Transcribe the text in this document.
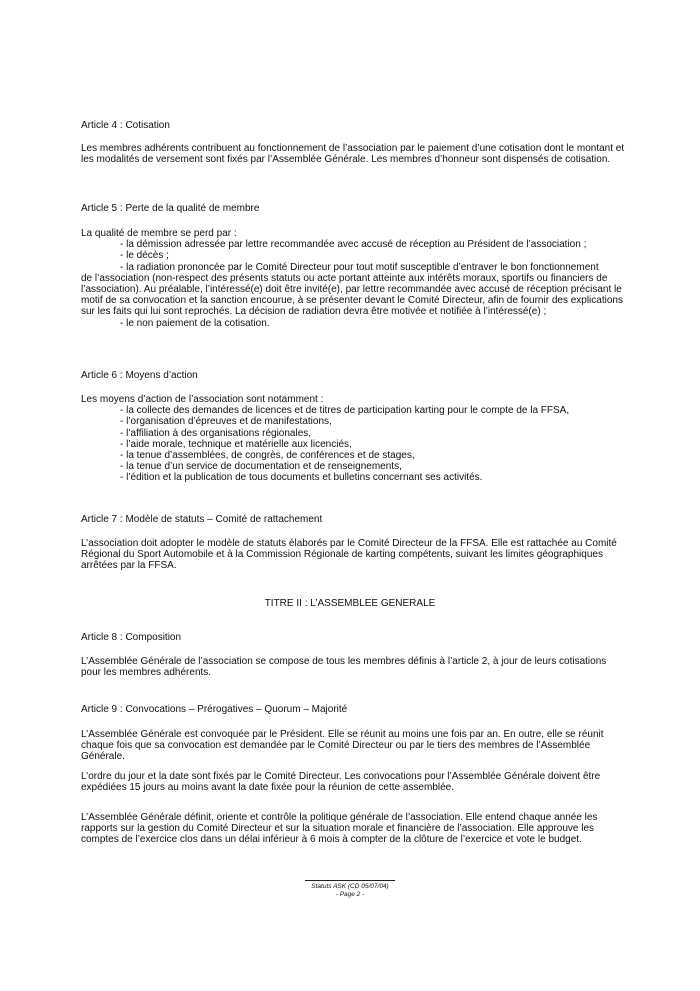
Article 4 : Cotisation

Les membres adhérents contribuent au fonctionnement de l’association par le paiement d’une cotisation dont le montant et les modalités de versement sont fixés par l’Assemblée Générale. Les membres d’honneur sont dispensés de cotisation.

Article 5 : Perte de la qualité de membre
La qualité de membre se perd par :
- la démission adressée par lettre recommandée avec accusé de réception au Président de l’association ;
- le décès ;
- la radiation prononcée par le Comité Directeur pour tout motif susceptible d’entraver le bon fonctionnement
de l’association (non-respect des présents statuts ou acte portant atteinte aux intérêts moraux, sportifs ou financiers de l’association). Au préalable, l’intéressé(e) doit être invité(e), par lettre recommandée avec accusé de réception précisant le motif de sa convocation et la sanction encourue, à se présenter devant le Comité Directeur, afin de fournir des explications sur les faits qui lui sont reprochés. La décision de radiation devra être motivée et notifiée à l’intéressé(e) ;
- le non paiement de la cotisation.
Article 6 : Moyens d’action
Les moyens d’action de l’association sont notamment :
- la collecte des demandes de licences et de titres de participation karting pour le compte de la FFSA,
- l’organisation d’épreuves et de manifestations,
- l’affiliation à des organisations régionales,
- l’aide morale, technique et matérielle aux licenciés,
- la tenue d’assemblées, de congrès, de conférences et de stages,
- la tenue d’un service de documentation et de renseignements,
- l’édition et la publication de tous documents et bulletins concernant ses activités.
Article 7 : Modèle de statuts – Comité de rattachement

L’association doit adopter le modèle de statuts élaborés par le Comité Directeur de la FFSA. Elle est rattachée au Comité Régional du Sport Automobile et à la Commission Régionale de karting compétents, suivant les limites géographiques arrêtées par la FFSA.

TITRE II : L’ASSEMBLEE GENERALE
Article 8 : Composition

L’Assemblée Générale de l’association se compose de tous les membres définis à l’article 2, à jour de leurs cotisations pour les membres adhérents.

Article 9 : Convocations – Prérogatives – Quorum – Majorité

L’Assemblée Générale est convoquée par le Président. Elle se réunit au moins une fois par an. En outre, elle se réunit chaque fois que sa convocation est demandée par le Comité Directeur ou par le tiers des membres de l’Assemblée Générale.

L’ordre du jour et la date sont fixés par le Comité Directeur. Les convocations pour l’Assemblée Générale doivent être expédiées 15 jours au moins avant la date fixée pour la réunion de cette assemblée.

L’Assemblée Générale définit, oriente et contrôle la politique générale de l’association. Elle entend chaque année les rapports sur la gestion du Comité Directeur et sur la situation morale et financière de l’association. Elle approuve les comptes de l’exercice clos dans un délai inférieur à 6 mois à compter de la clôture de l’exercice et vote le budget.

Statuts ASK (CD 05/07/04)
- Page 2 -
